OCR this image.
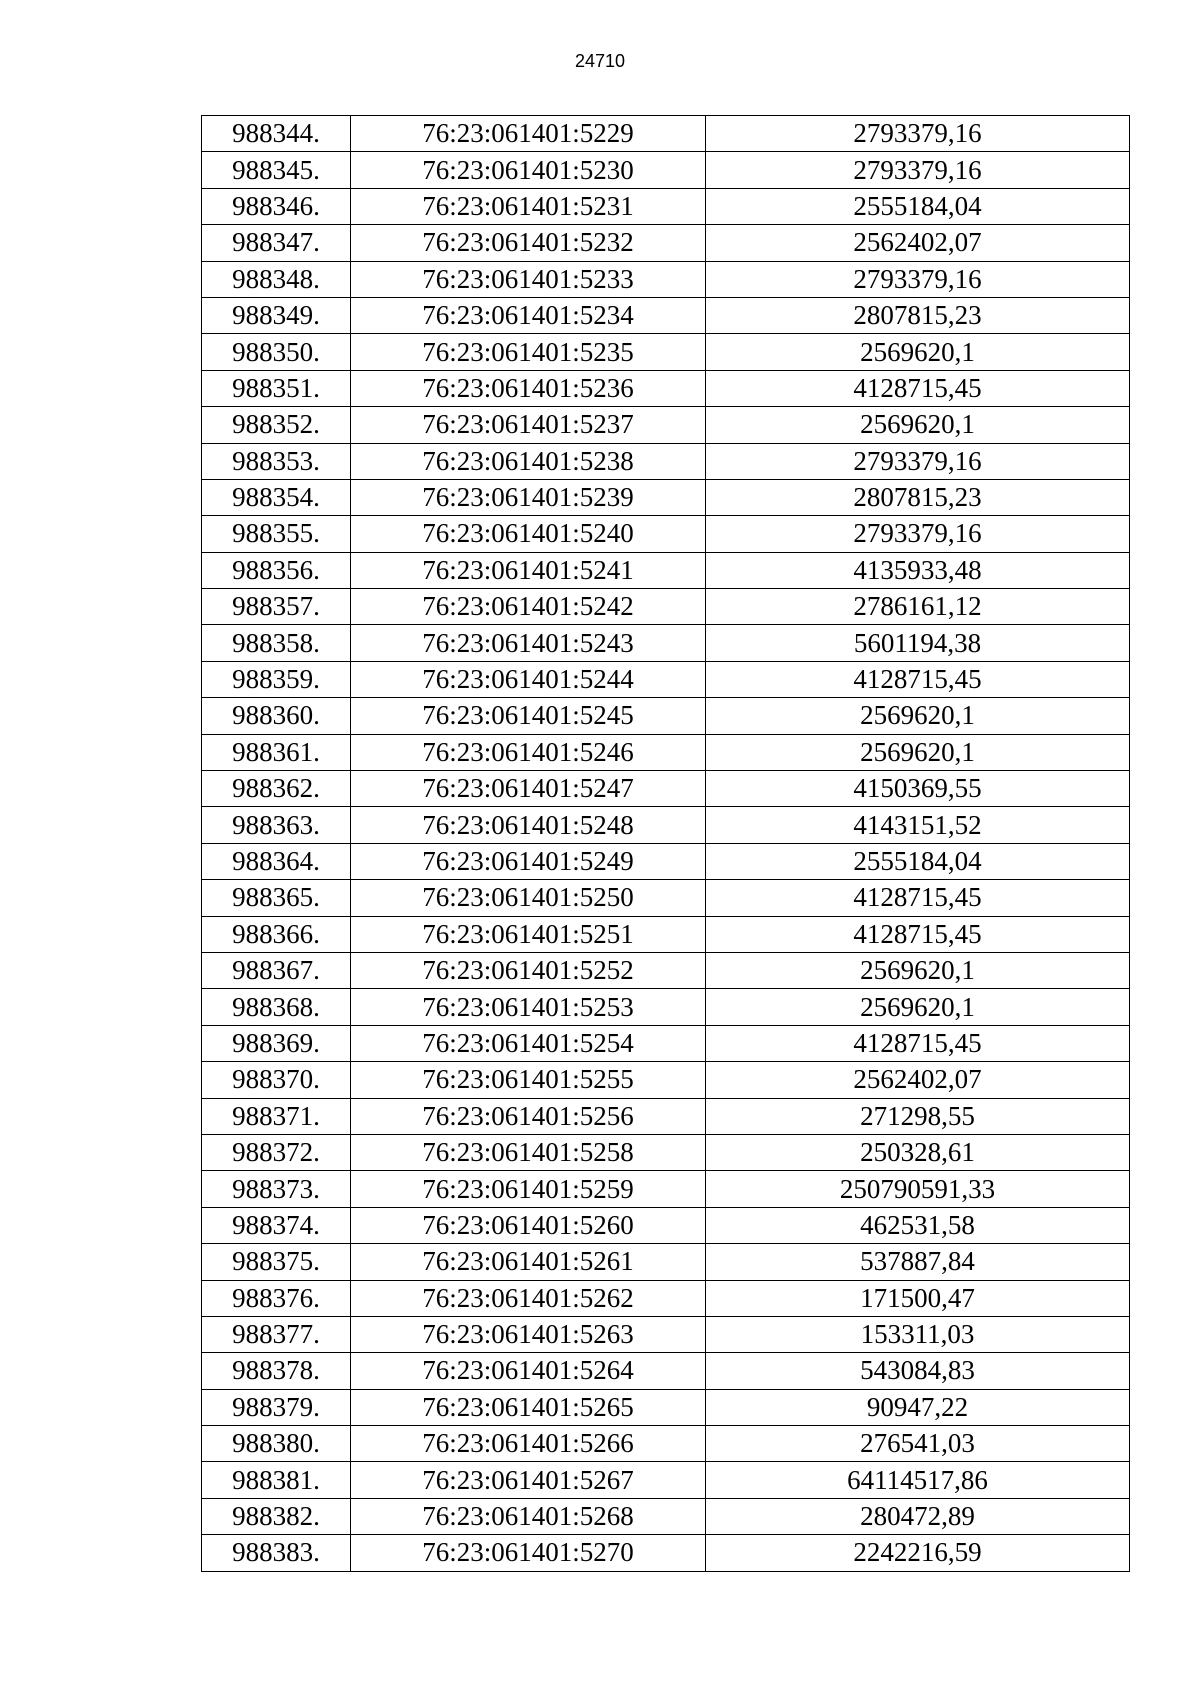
24710
988344.	76:23:061401:5229	2793379,16
988345.	76:23:061401:5230	2793379,16
988346.	76:23:061401:5231	2555184,04
988347.	76:23:061401:5232	2562402,07
988348.	76:23:061401:5233	2793379,16
988349.	76:23:061401:5234	2807815,23
988350.	76:23:061401:5235	2569620,1
988351.	76:23:061401:5236	4128715,45
988352.	76:23:061401:5237	2569620,1
988353.	76:23:061401:5238	2793379,16
988354.	76:23:061401:5239	2807815,23
988355.	76:23:061401:5240	2793379,16
988356.	76:23:061401:5241	4135933,48
988357.	76:23:061401:5242	2786161,12
988358.	76:23:061401:5243	5601194,38
988359.	76:23:061401:5244	4128715,45
988360.	76:23:061401:5245	2569620,1
988361.	76:23:061401:5246	2569620,1
988362.	76:23:061401:5247	4150369,55
988363.	76:23:061401:5248	4143151,52
988364.	76:23:061401:5249	2555184,04
988365.	76:23:061401:5250	4128715,45
988366.	76:23:061401:5251	4128715,45
988367.	76:23:061401:5252	2569620,1
988368.	76:23:061401:5253	2569620,1
988369.	76:23:061401:5254	4128715,45
988370.	76:23:061401:5255	2562402,07
988371.	76:23:061401:5256	271298,55
988372.	76:23:061401:5258	250328,61
988373.	76:23:061401:5259	250790591,33
988374.	76:23:061401:5260	462531,58
988375.	76:23:061401:5261	537887,84
988376.	76:23:061401:5262	171500,47
988377.	76:23:061401:5263	153311,03
988378.	76:23:061401:5264	543084,83
988379.	76:23:061401:5265	90947,22
988380.	76:23:061401:5266	276541,03
988381.	76:23:061401:5267	64114517,86
988382.	76:23:061401:5268	280472,89
988383.	76:23:061401:5270	2242216,59
